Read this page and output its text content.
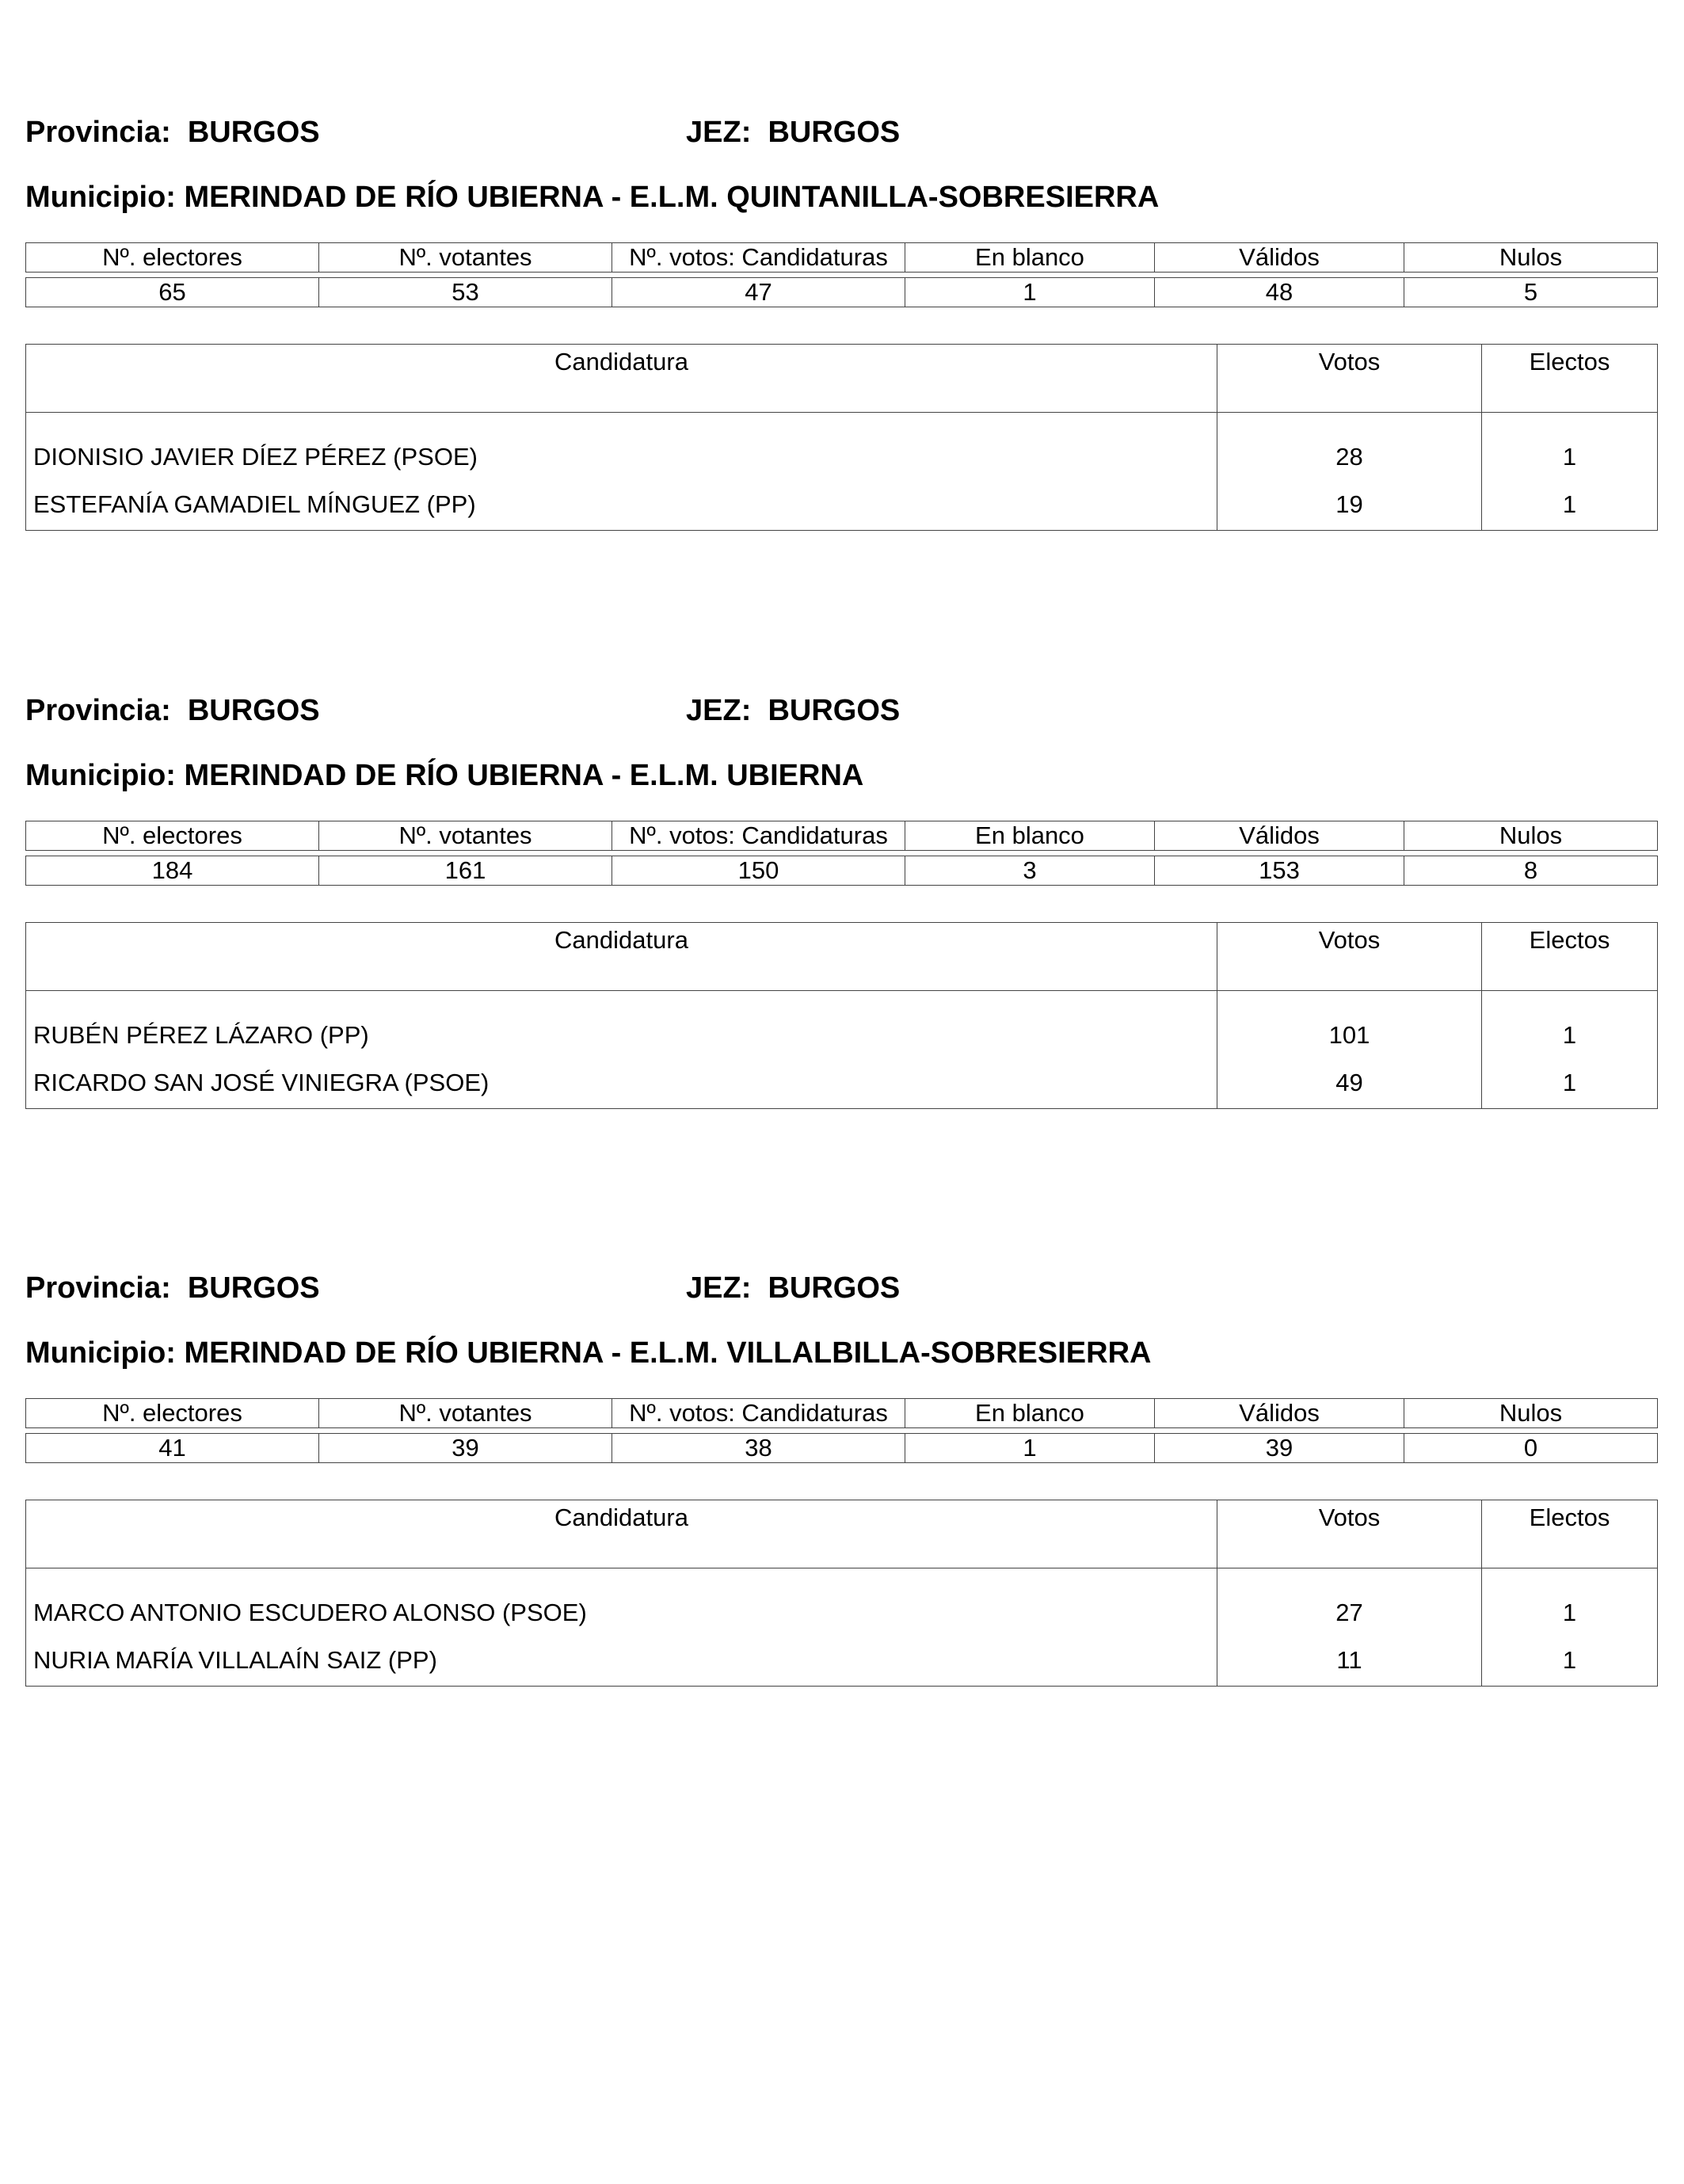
Provincia: BURGOS	JEZ: BURGOS
Municipio: MERINDAD DE RÍO UBIERNA - E.L.M. QUINTANILLA-SOBRESIERRA
Nº. electores	Nº. votantes	Nº. votos: Candidaturas	En blanco	Válidos	Nulos

65	53	47	1	48	5
Candidatura	Votos	Electos
DIONISIO JAVIER DÍEZ PÉREZ (PSOE)	28	1
ESTEFANÍA GAMADIEL MÍNGUEZ (PP)	19	1
Provincia: BURGOS	JEZ: BURGOS
Municipio: MERINDAD DE RÍO UBIERNA - E.L.M. UBIERNA
Nº. electores	Nº. votantes	Nº. votos: Candidaturas	En blanco	Válidos	Nulos

184	161	150	3	153	8
Candidatura	Votos	Electos
RUBÉN PÉREZ LÁZARO (PP)	101	1
RICARDO SAN JOSÉ VINIEGRA (PSOE)	49	1
Provincia: BURGOS	JEZ: BURGOS
Municipio: MERINDAD DE RÍO UBIERNA - E.L.M. VILLALBILLA-SOBRESIERRA
Nº. electores	Nº. votantes	Nº. votos: Candidaturas	En blanco	Válidos	Nulos

41	39	38	1	39	0
Candidatura	Votos	Electos
MARCO ANTONIO ESCUDERO ALONSO (PSOE)	27	1
NURIA MARÍA VILLALAÍN SAIZ (PP)	11	1
